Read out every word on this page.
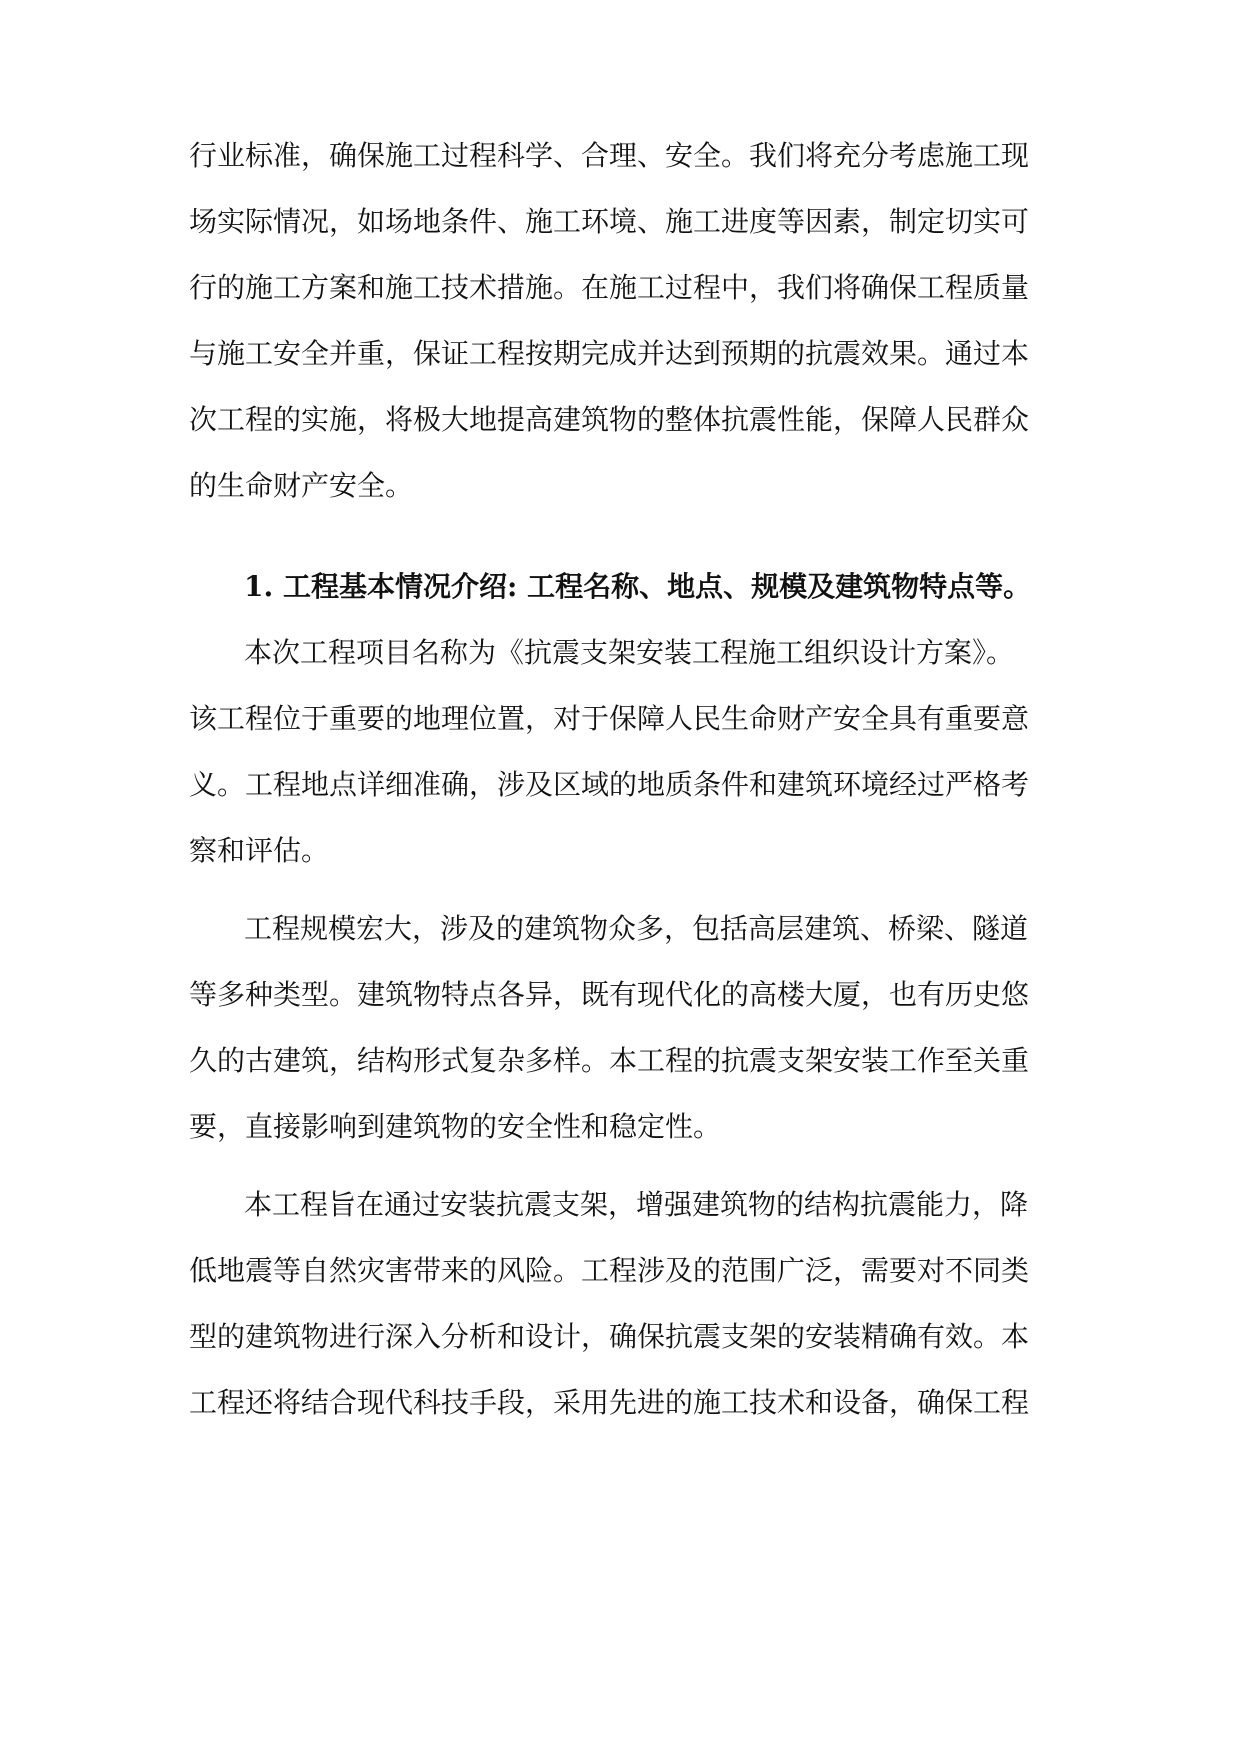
行业标准，确保施工过程科学、合理、安全。我们将充分考虑施工现
场实际情况，如场地条件、施工环境、施工进度等因素，制定切实可
行的施工方案和施工技术措施。在施工过程中，我们将确保工程质量
与施工安全并重，保证工程按期完成并达到预期的抗震效果。通过本
次工程的实施，将极大地提高建筑物的整体抗震性能，保障人民群众
的生命财产安全。
1. 工程基本情况介绍: 工程名称、地点、规模及建筑物特点等。
本次工程项目名称为《抗震支架安装工程施工组织设计方案》。
该工程位于重要的地理位置，对于保障人民生命财产安全具有重要意
义。工程地点详细准确，涉及区域的地质条件和建筑环境经过严格考
察和评估。
工程规模宏大，涉及的建筑物众多，包括高层建筑、桥梁、隧道
等多种类型。建筑物特点各异，既有现代化的高楼大厦，也有历史悠
久的古建筑，结构形式复杂多样。本工程的抗震支架安装工作至关重
要，直接影响到建筑物的安全性和稳定性。
本工程旨在通过安装抗震支架，增强建筑物的结构抗震能力，降
低地震等自然灾害带来的风险。工程涉及的范围广泛，需要对不同类
型的建筑物进行深入分析和设计，确保抗震支架的安装精确有效。本
工程还将结合现代科技手段，采用先进的施工技术和设备，确保工程
